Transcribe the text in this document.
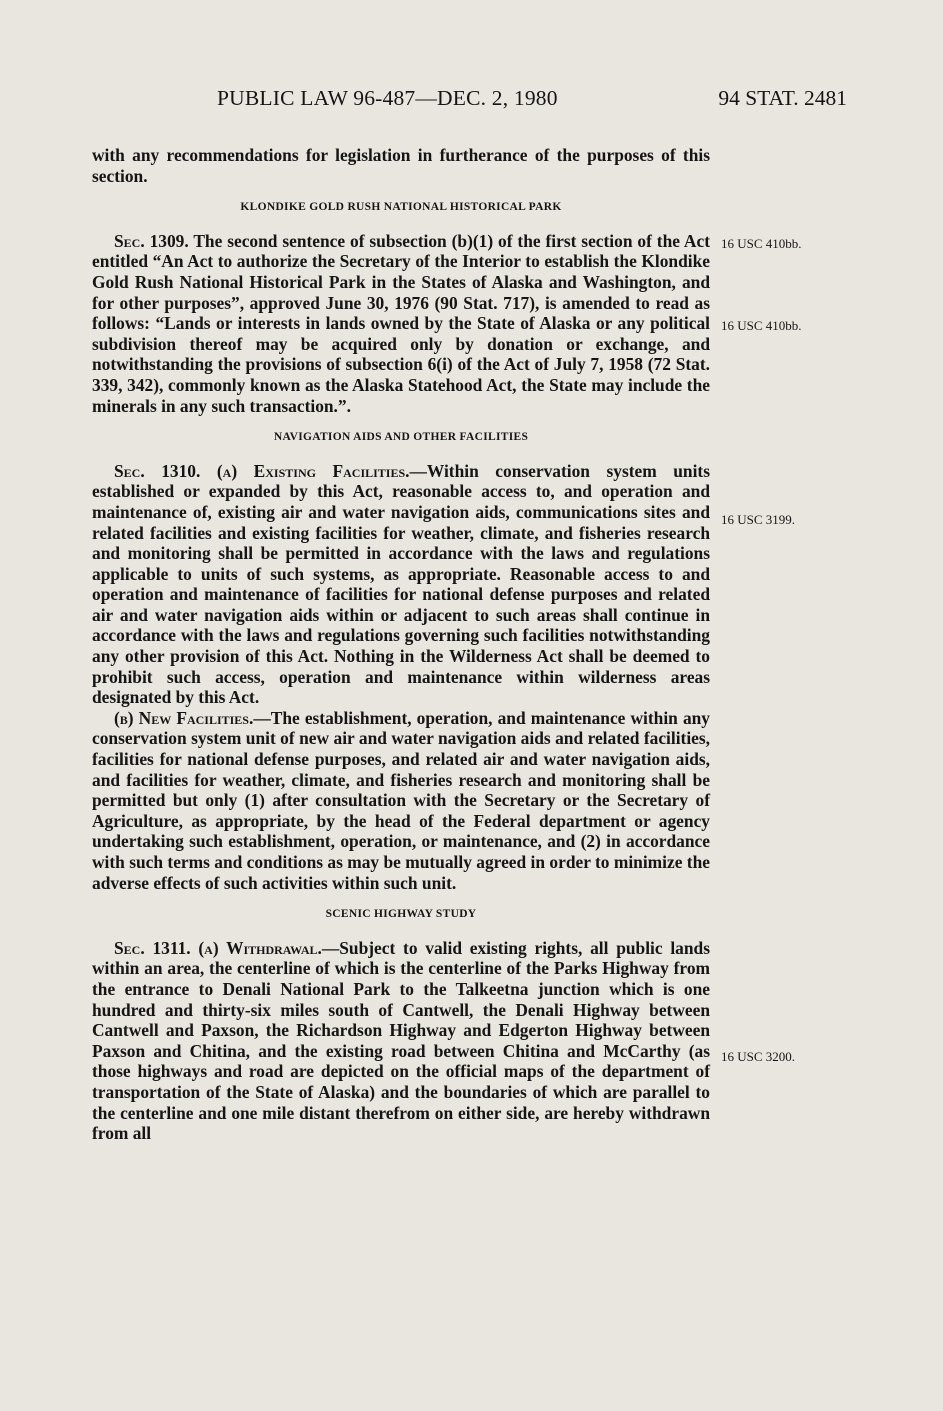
PUBLIC LAW 96-487—DEC. 2, 1980	94 STAT. 2481

with any recommendations for legislation in furtherance of the purposes of this section.

KLONDIKE GOLD RUSH NATIONAL HISTORICAL PARK

Sec. 1309. The second sentence of subsection (b)(1) of the first section of the Act entitled “An Act to authorize the Secretary of the Interior to establish the Klondike Gold Rush National Historical Park in the States of Alaska and Washington, and for other purposes”, approved June 30, 1976 (90 Stat. 717), is amended to read as follows: “Lands or interests in lands owned by the State of Alaska or any political subdivision thereof may be acquired only by donation or exchange, and notwithstanding the provisions of subsection 6(i) of the Act of July 7, 1958 (72 Stat. 339, 342), commonly known as the Alaska Statehood Act, the State may include the minerals in any such transaction.”.

NAVIGATION AIDS AND OTHER FACILITIES

Sec. 1310. (a) Existing Facilities.—Within conservation system units established or expanded by this Act, reasonable access to, and operation and maintenance of, existing air and water navigation aids, communications sites and related facilities and existing facilities for weather, climate, and fisheries research and monitoring shall be permitted in accordance with the laws and regulations applicable to units of such systems, as appropriate. Reasonable access to and operation and maintenance of facilities for national defense purposes and related air and water navigation aids within or adjacent to such areas shall continue in accordance with the laws and regulations governing such facilities notwithstanding any other provision of this Act. Nothing in the Wilderness Act shall be deemed to prohibit such access, operation and maintenance within wilderness areas designated by this Act.

(b) New Facilities.—The establishment, operation, and maintenance within any conservation system unit of new air and water navigation aids and related facilities, facilities for national defense purposes, and related air and water navigation aids, and facilities for weather, climate, and fisheries research and monitoring shall be permitted but only (1) after consultation with the Secretary or the Secretary of Agriculture, as appropriate, by the head of the Federal department or agency undertaking such establishment, operation, or maintenance, and (2) in accordance with such terms and conditions as may be mutually agreed in order to minimize the adverse effects of such activities within such unit.

SCENIC HIGHWAY STUDY

Sec. 1311. (a) Withdrawal.—Subject to valid existing rights, all public lands within an area, the centerline of which is the centerline of the Parks Highway from the entrance to Denali National Park to the Talkeetna junction which is one hundred and thirty-six miles south of Cantwell, the Denali Highway between Cantwell and Paxson, the Richardson Highway and Edgerton Highway between Paxson and Chitina, and the existing road between Chitina and McCarthy (as those highways and road are depicted on the official maps of the department of transportation of the State of Alaska) and the boundaries of which are parallel to the centerline and one mile distant therefrom on either side, are hereby withdrawn from all

16 USC 410bb.
16 USC 410bb.
16 USC 3199.
16 USC 3200.
